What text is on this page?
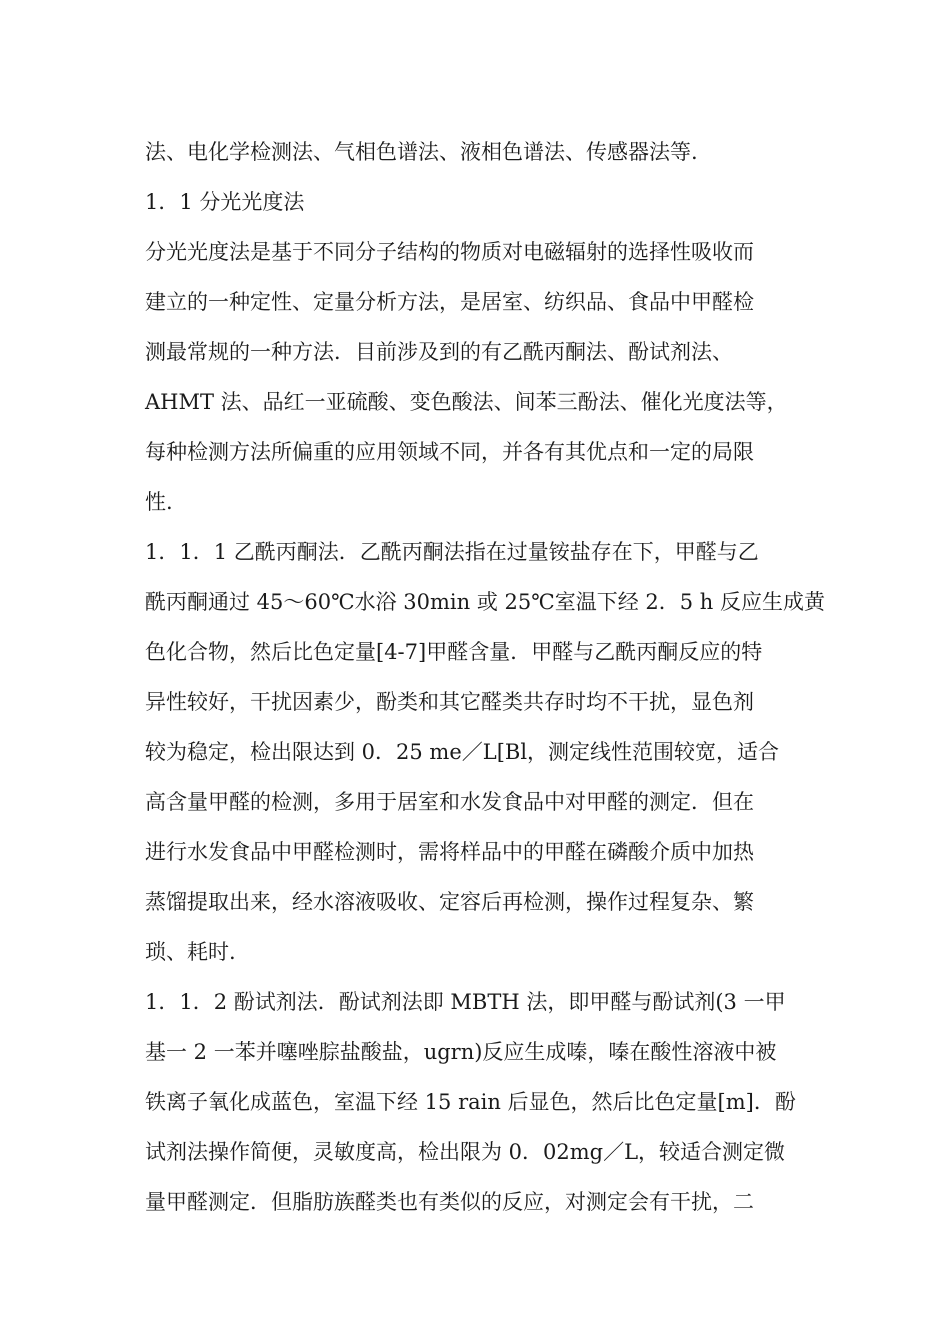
法、电化学检测法、气相色谱法、液相色谱法、传感器法等.

1．1 分光光度法

分光光度法是基于不同分子结构的物质对电磁辐射的选择性吸收而

建立的一种定性、定量分析方法，是居室、纺织品、食品中甲醛检

测最常规的一种方法．目前涉及到的有乙酰丙酮法、酚试剂法、

AHMT 法、品红一亚硫酸、变色酸法、间苯三酚法、催化光度法等，

每种检测方法所偏重的应用领域不同，并各有其优点和一定的局限

性.

1．1．1 乙酰丙酮法．乙酰丙酮法指在过量铵盐存在下，甲醛与乙

酰丙酮通过 45～60℃水浴 30min 或 25℃室温下经 2．5 h 反应生成黄

色化合物，然后比色定量[4-7]甲醛含量．甲醛与乙酰丙酮反应的特

异性较好，干扰因素少，酚类和其它醛类共存时均不干扰，显色剂

较为稳定，检出限达到 0．25 me／L[Bl，测定线性范围较宽，适合

高含量甲醛的检测，多用于居室和水发食品中对甲醛的测定．但在

进行水发食品中甲醛检测时，需将样品中的甲醛在磷酸介质中加热

蒸馏提取出来，经水溶液吸收、定容后再检测，操作过程复杂、繁

琐、耗时.

1．1．2 酚试剂法．酚试剂法即 MBTH 法，即甲醛与酚试剂(3 一甲

基一 2 一苯并噻唑腙盐酸盐，ugrn)反应生成嗪，嗪在酸性溶液中被

铁离子氧化成蓝色，室温下经 15 rain 后显色，然后比色定量[m]．酚

试剂法操作简便，灵敏度高，检出限为 0．02mg／L，较适合测定微

量甲醛测定．但脂肪族醛类也有类似的反应，对测定会有干扰，二
